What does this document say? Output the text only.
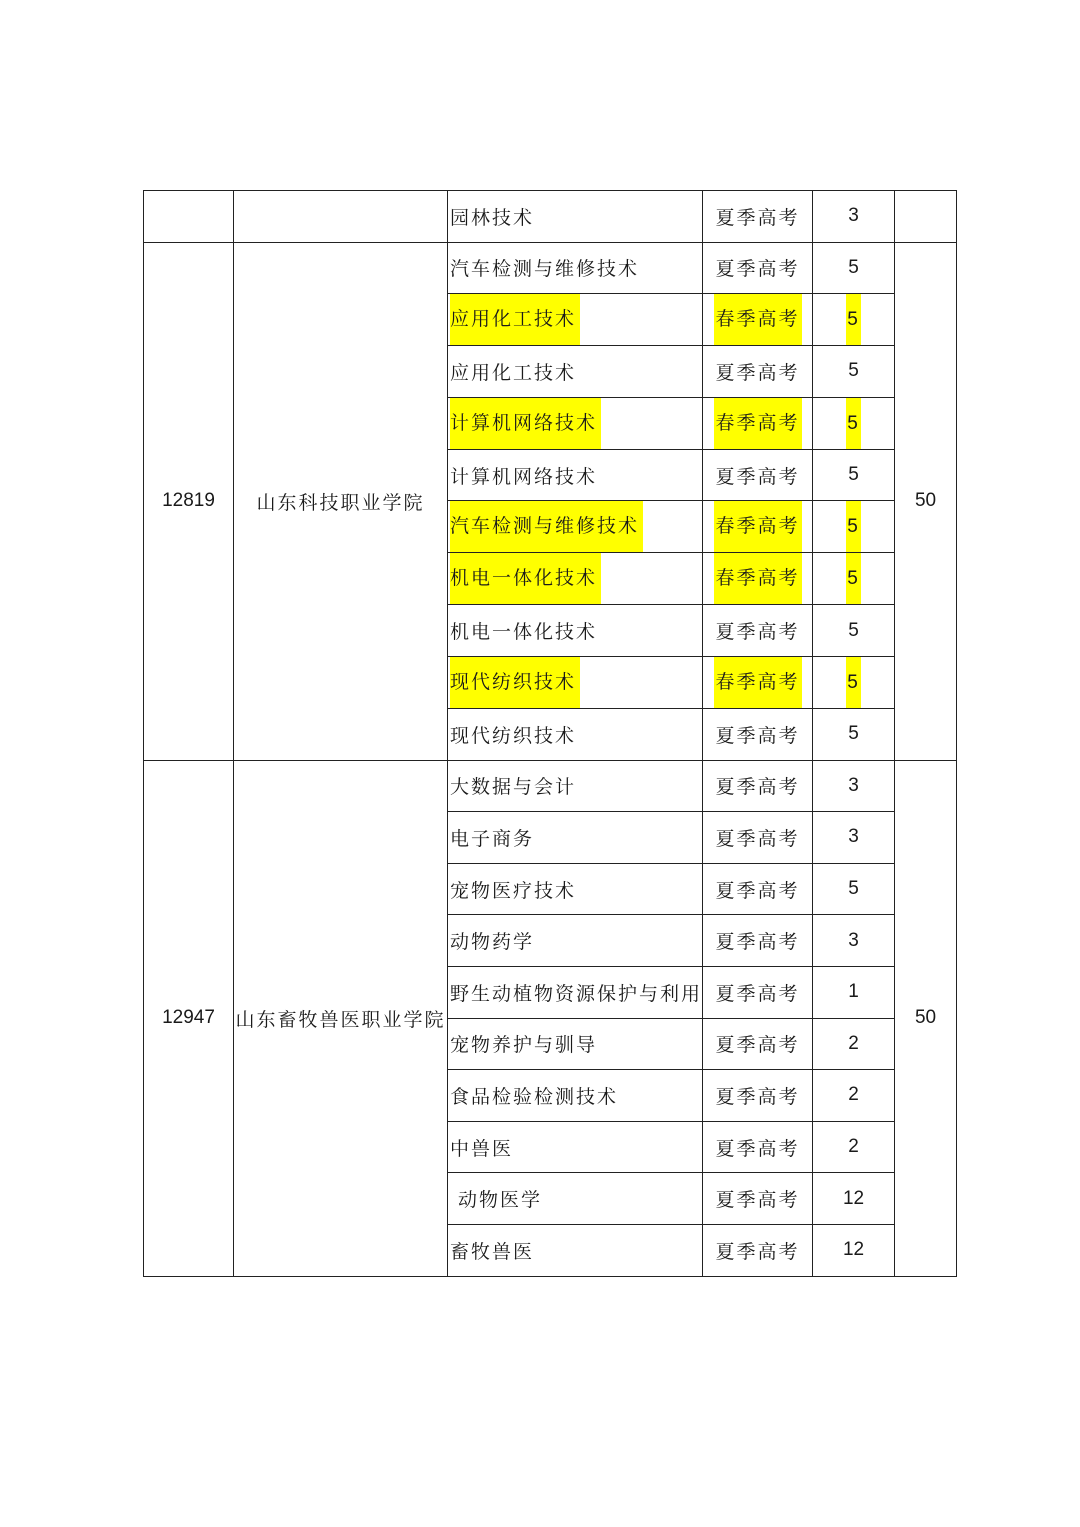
		园林技术	夏季高考	3	
12819	山东科技职业学院	汽车检测与维修技术	夏季高考	5	50
		应用化工技术	春季高考	5	
		应用化工技术	夏季高考	5	
		计算机网络技术	春季高考	5	
		计算机网络技术	夏季高考	5	
		汽车检测与维修技术	春季高考	5	
		机电一体化技术	春季高考	5	
		机电一体化技术	夏季高考	5	
		现代纺织技术	春季高考	5	
		现代纺织技术	夏季高考	5	
12947	山东畜牧兽医职业学院	大数据与会计	夏季高考	3	50
		电子商务	夏季高考	3	
		宠物医疗技术	夏季高考	5	
		动物药学	夏季高考	3	
		野生动植物资源保护与利用	夏季高考	1	
		宠物养护与驯导	夏季高考	2	
		食品检验检测技术	夏季高考	2	
		中兽医	夏季高考	2	
		动物医学	夏季高考	12	
		畜牧兽医	夏季高考	12	
